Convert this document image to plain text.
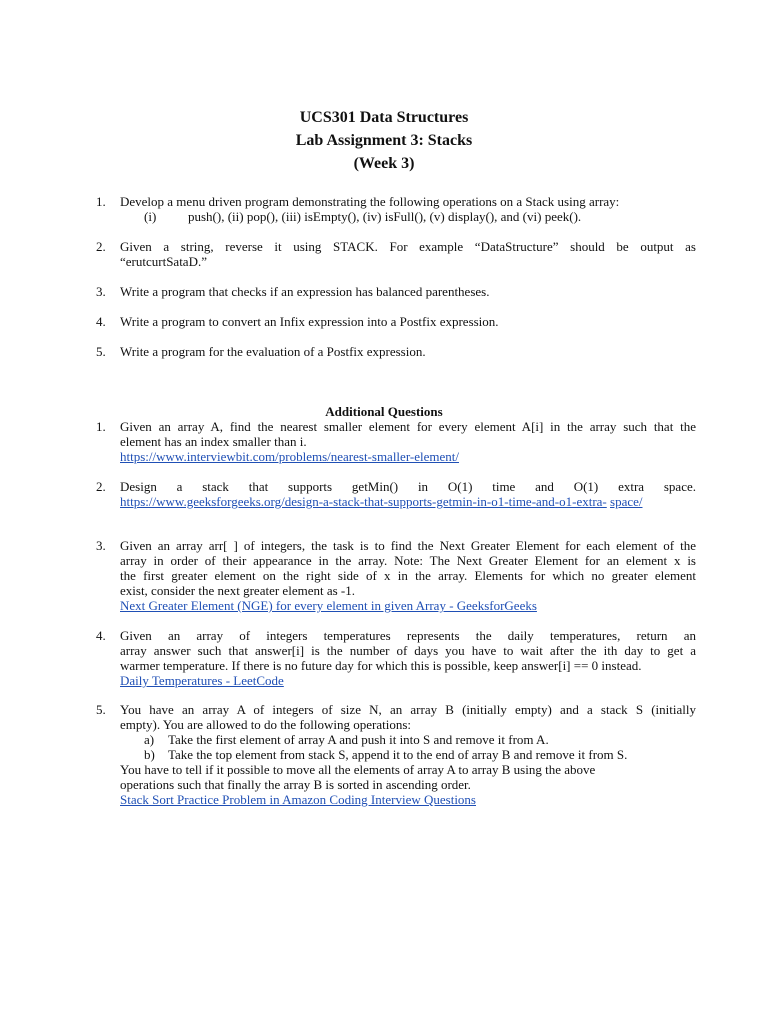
UCS301 Data Structures
Lab Assignment 3: Stacks
(Week 3)
1. Develop a menu driven program demonstrating the following operations on a Stack using array:
(i) push(), (ii) pop(), (iii) isEmpty(), (iv) isFull(), (v) display(), and (vi) peek().
2. Given a string, reverse it using STACK. For example “DataStructure” should be output as
“erutcurtSataD.”
3. Write a program that checks if an expression has balanced parentheses.
4. Write a program to convert an Infix expression into a Postfix expression.
5. Write a program for the evaluation of a Postfix expression.
Additional Questions
1. Given an array A, find the nearest smaller element for every element A[i] in the array such that the
element has an index smaller than i.
https://www.interviewbit.com/problems/nearest-smaller-element/
2. Design a stack that supports getMin() in O(1) time and O(1) extra space.
https://www.geeksforgeeks.org/design-a-stack-that-supports-getmin-in-o1-time-and-o1-extra- space/
3. Given an array arr[ ] of integers, the task is to find the Next Greater Element for each element of the
array in order of their appearance in the array. Note: The Next Greater Element for an element x is
the first greater element on the right side of x in the array. Elements for which no greater element
exist, consider the next greater element as -1.
Next Greater Element (NGE) for every element in given Array - GeeksforGeeks
4. Given an array of integers temperatures represents the daily temperatures, return an
array answer such that answer[i] is the number of days you have to wait after the ith day to get a
warmer temperature. If there is no future day for which this is possible, keep answer[i] == 0 instead.
Daily Temperatures - LeetCode
5. You have an array A of integers of size N, an array B (initially empty) and a stack S (initially
empty). You are allowed to do the following operations:
a) Take the first element of array A and push it into S and remove it from A.
b) Take the top element from stack S, append it to the end of array B and remove it from S.
You have to tell if it possible to move all the elements of array A to array B using the above
operations such that finally the array B is sorted in ascending order.
Stack Sort Practice Problem in Amazon Coding Interview Questions
